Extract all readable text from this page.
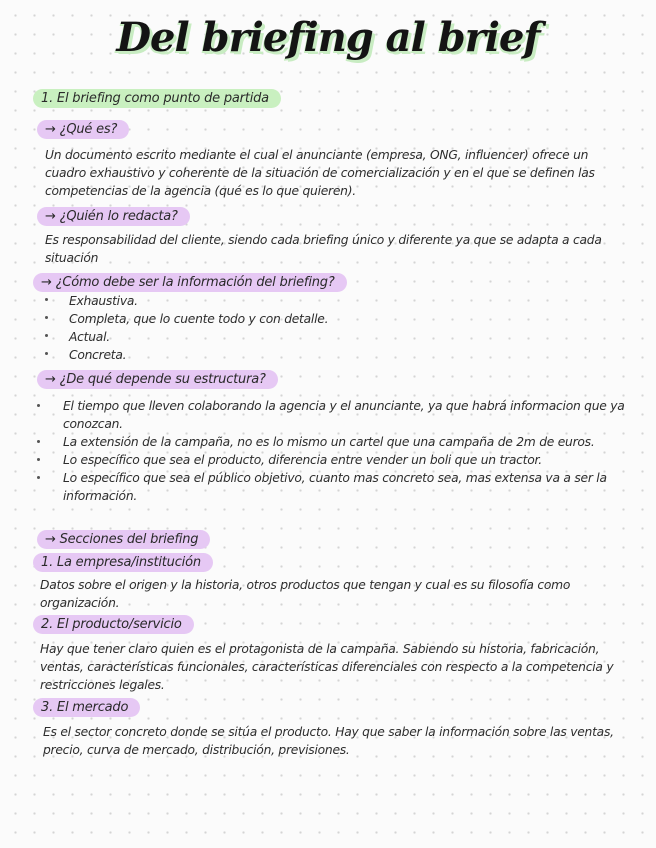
Del briefing al brief
1. El briefing como punto de partida
→ ¿Qué es?
Un documento escrito mediante el cual el anunciante (empresa, ONG, influencer) ofrece un cuadro exhaustivo y coherente de la situación de comercialización y en el que se definen las competencias de la agencia (qué es lo que quieren).
→ ¿Quién lo redacta?
Es responsabilidad del cliente, siendo cada briefing único y diferente ya que se adapta a cada situación
→ ¿Cómo debe ser la información del briefing?
Exhaustiva.
Completa, que lo cuente todo y con detalle.
Actual.
Concreta.
→ ¿De qué depende su estructura?
El tiempo que lleven colaborando la agencia y el anunciante, ya que habrá informacion que ya conozcan.
La extensión de la campaña, no es lo mismo un cartel que una campaña de 2m de euros.
Lo específico que sea el producto, diferencia entre vender un boli que un tractor.
Lo específico que sea el público objetivo, cuanto mas concreto sea, mas extensa va a ser la información.
→ Secciones del briefing
1. La empresa/institución
Datos sobre el origen y la historia, otros productos que tengan y cual es su filosofía como organización.
2. El producto/servicio
Hay que tener claro quien es el protagonista de la campaña. Sabiendo su historia, fabricación, ventas, características funcionales, características diferenciales con respecto a la competencia y restricciones legales.
3. El mercado
Es el sector concreto donde se sitúa el producto. Hay que saber la información sobre las ventas, precio, curva de mercado, distribución, previsiones.
